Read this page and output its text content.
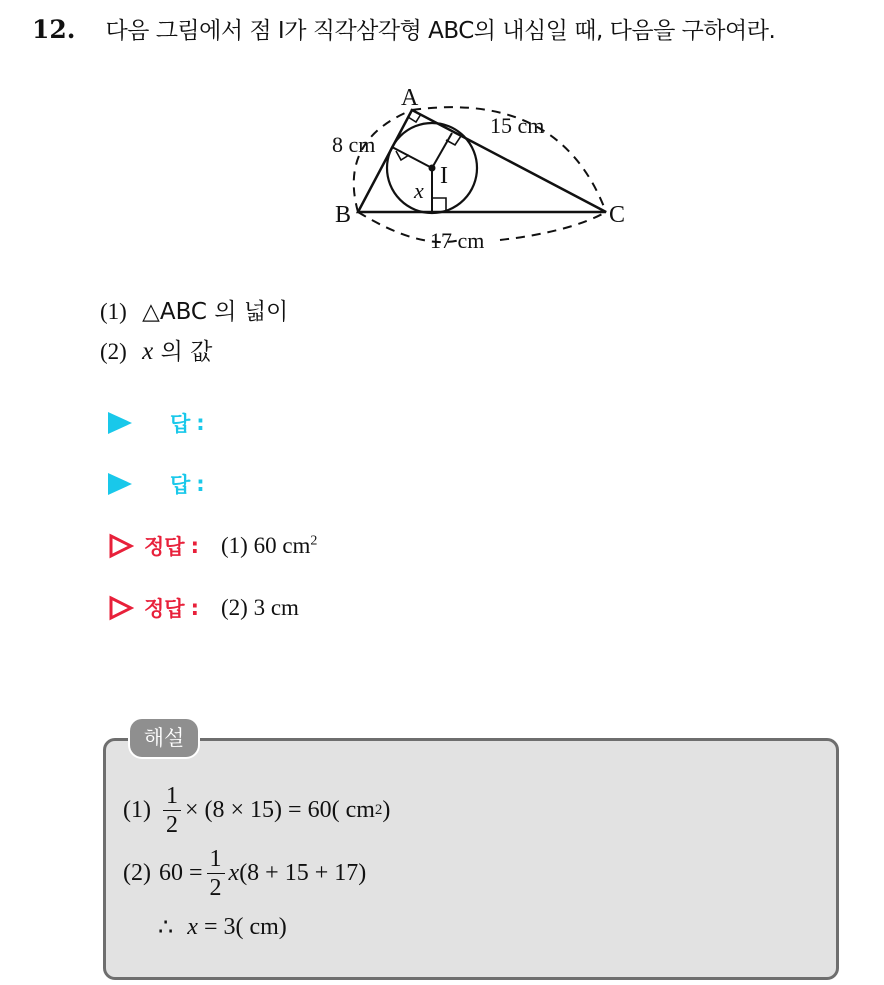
12. 다음 그림에서 점 I가 직각삼각형 ABC의 내심일 때, 다음을 구하여라.
A
B	C
I
8 cm
15 cm
17 cm
x
(1) △ABC 의 넓이
(2) x 의 값
답 :
답 :
정답 : (1) 60 $cm^2$
정답 : (2) 3 cm
해설
$(1) \frac{1}{2} \times (8 \times 15) = 60$( cm 2 )
(2) $60 = \frac{1}{2}$ x (8 + 15 + 17)
∴ x = 3( cm)
